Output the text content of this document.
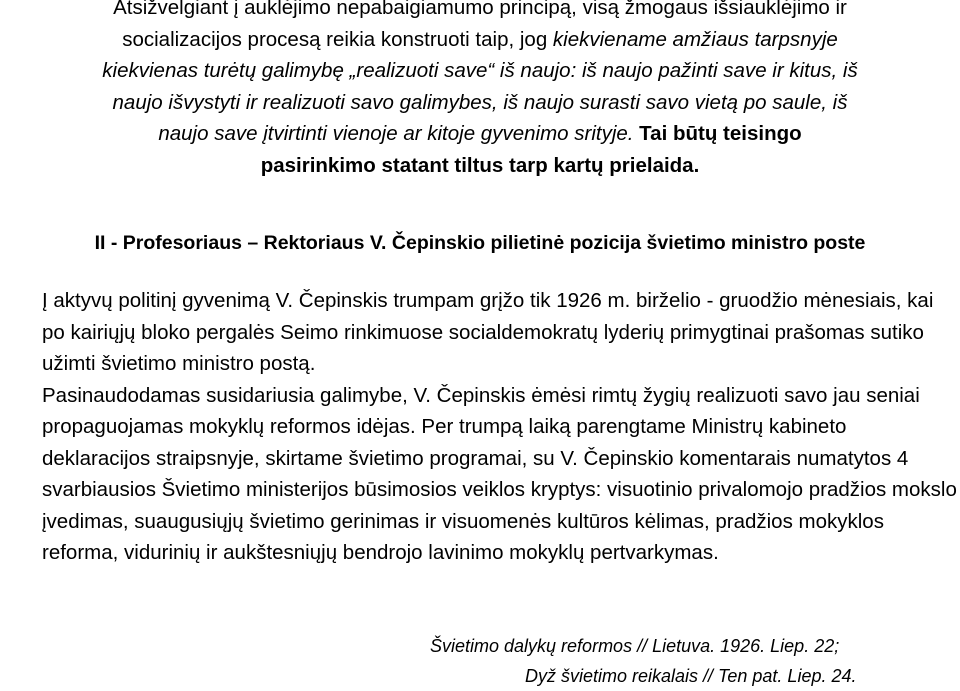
Atsižvelgiant į auklėjimo nepabaigiamumo principą, visą žmogaus išsiauklėjimo ir socializacijos procesą reikia konstruoti taip, jog kiekviename amžiaus tarpsnyje kiekvienas turėtų galimybę „realizuoti save“ iš naujo: iš naujo pažinti save ir kitus, iš naujo išvystyti ir realizuoti savo galimybes, iš naujo surasti savo vietą po saule, iš naujo save įtvirtinti vienoje ar kitoje gyvenimo srityje. Tai būtų teisingo pasirinkimo statant tiltus tarp kartų prielaida.
II - Profesoriaus – Rektoriaus V. Čepinskio pilietinė pozicija švietimo ministro poste

Į aktyvų politinį gyvenimą V. Čepinskis trumpam grįžo tik 1926 m. birželio - gruodžio mėnesiais, kai po kairiųjų bloko pergalės Seimo rinkimuose socialdemokratų lyderių primygtinai prašomas sutiko užimti švietimo ministro postą.

Pasinaudodamas susidariusia galimybe, V. Čepinskis ėmėsi rimtų žygių realizuoti savo jau seniai propaguojamas mokyklų reformos idėjas. Per trumpą laiką parengtame Ministrų kabineto deklaracijos straipsnyje, skirtame švietimo programai, su V. Čepinskio komentarais numatytos 4 svarbiausios Švietimo ministerijos būsimosios veiklos kryptys: visuotinio privalomojo pradžios mokslo įvedimas, suaugusiųjų švietimo gerinimas ir visuomenės kultūros kėlimas, pradžios mokyklos reforma, vidurinių ir aukštesniųjų bendrojo lavinimo mokyklų pertvarkymas.

Švietimo dalykų reformos // Lietuva. 1926. Liep. 22;
Dyž švietimo reikalais // Ten pat. Liep. 24.
